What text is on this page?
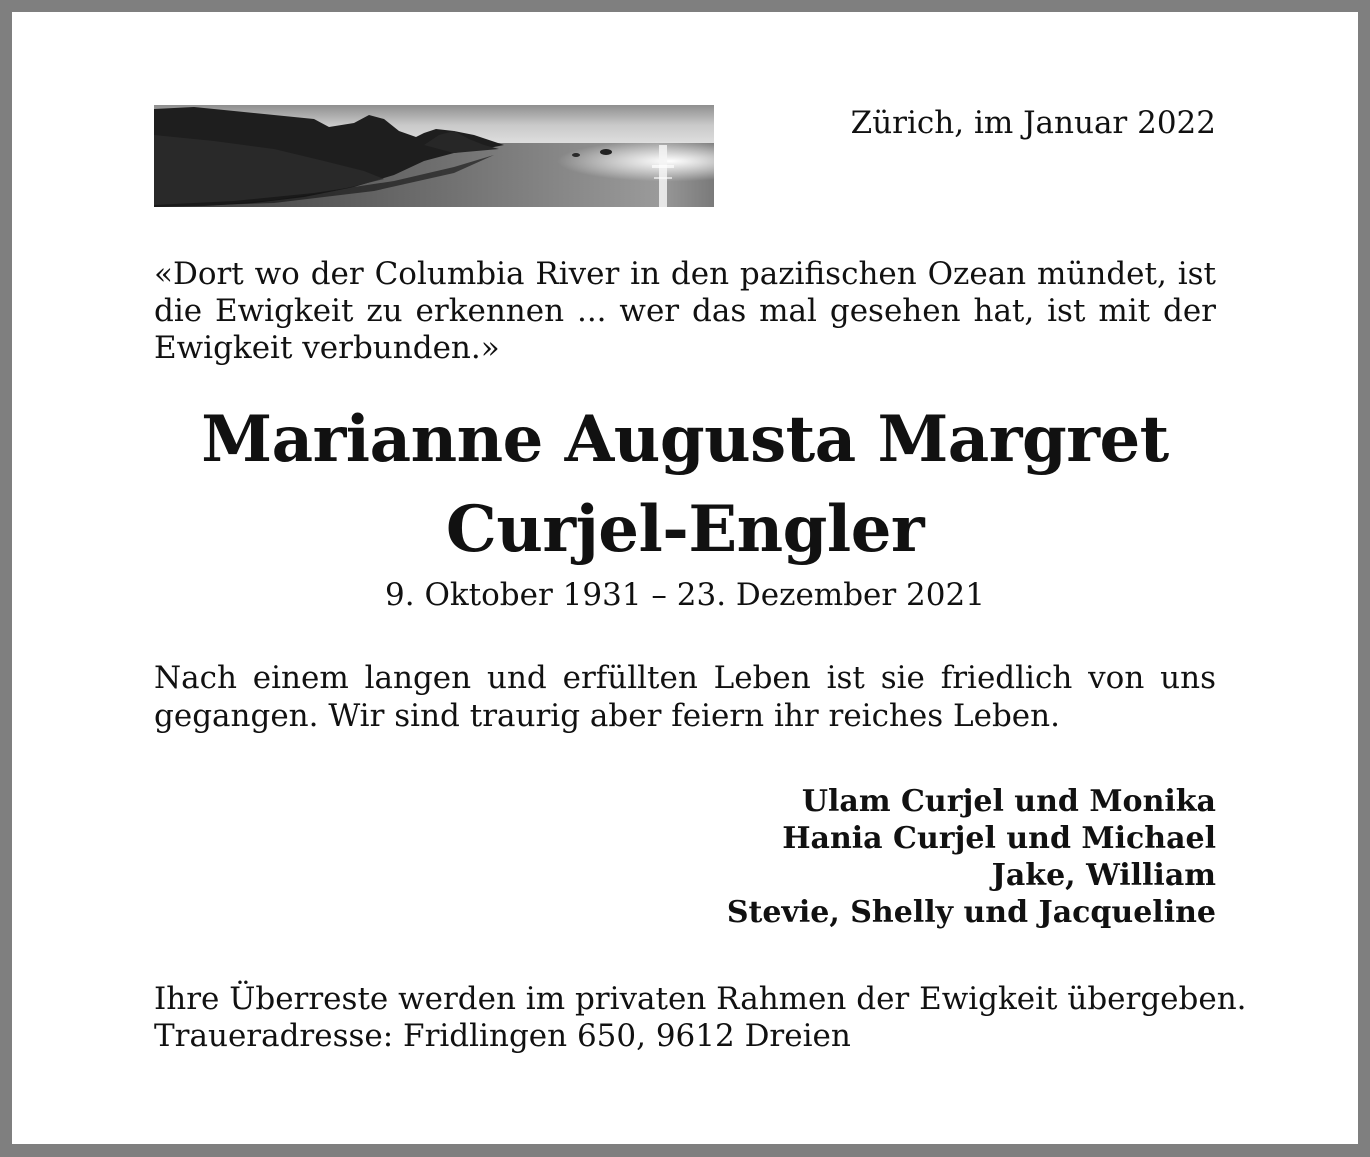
Zürich, im Januar 2022
«Dort wo der Columbia River in den pazifischen Ozean mündet, ist die Ewigkeit zu erkennen ... wer das mal gesehen hat, ist mit der Ewigkeit verbunden.»
Marianne Augusta Margret
Curjel-Engler
9. Oktober 1931 – 23. Dezember 2021
Nach einem langen und erfüllten Leben ist sie friedlich von uns gegangen. Wir sind traurig aber feiern ihr reiches Leben.
Ulam Curjel und Monika
Hania Curjel und Michael
Jake, William
Stevie, Shelly und Jacqueline
Ihre Überreste werden im privaten Rahmen der Ewigkeit übergeben.
Traueradresse: Fridlingen 650, 9612 Dreien
